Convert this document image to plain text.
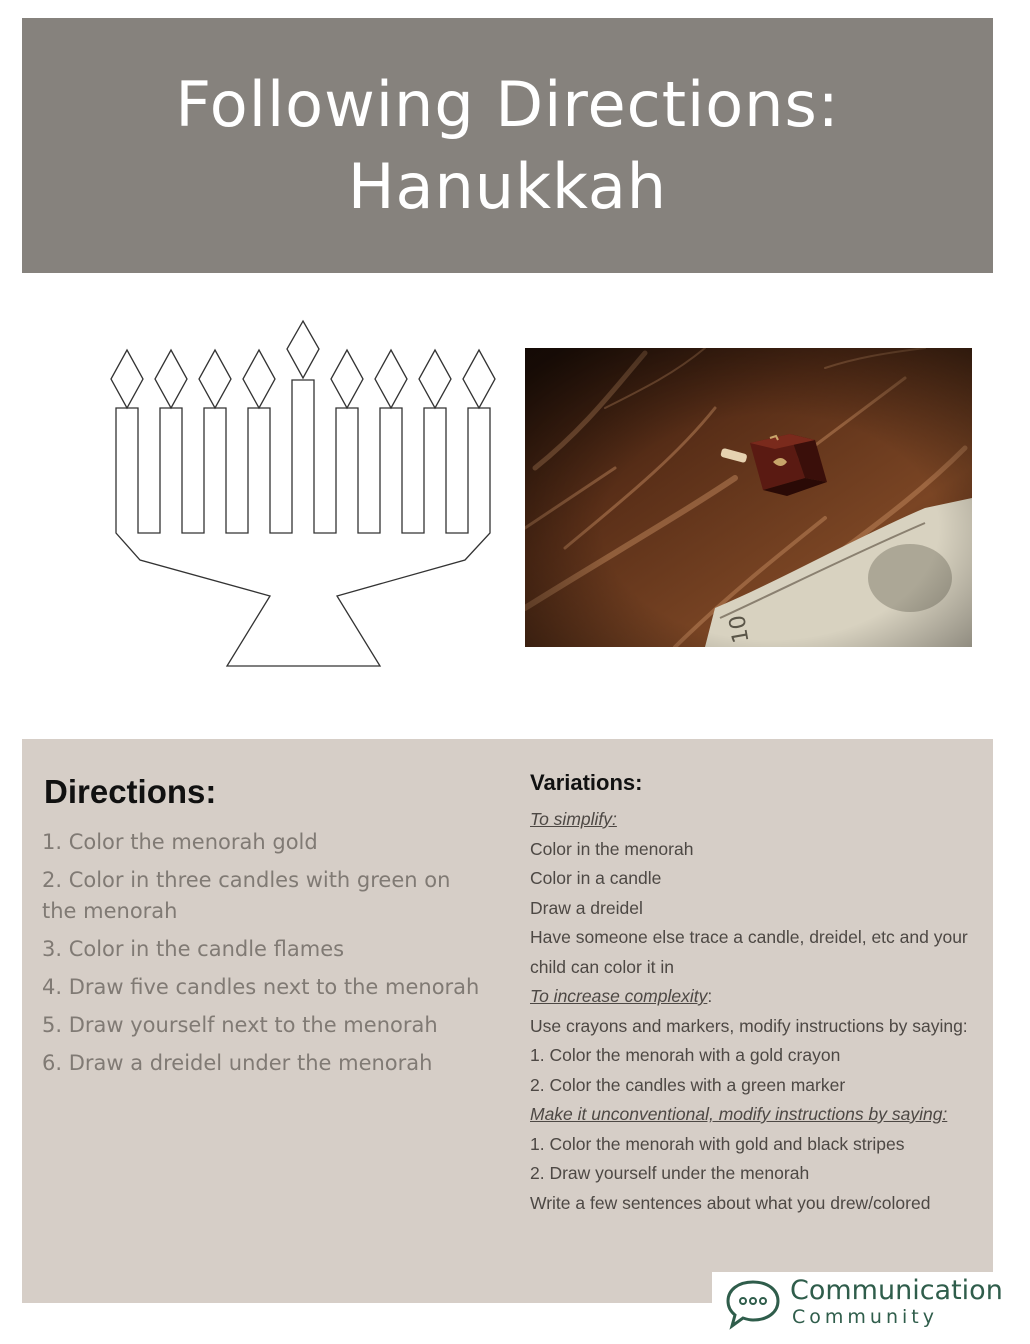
Following Directions:
Hanukkah
Directions:
1. Color the menorah gold
2. Color in three candles with green on the menorah
3. Color in the candle flames
4. Draw five candles next to the menorah
5. Draw yourself next to the menorah
6. Draw a dreidel under the menorah
Variations:
To simplify:
Color in the menorah
Color in a candle
Draw a dreidel
Have someone else trace a candle, dreidel, etc and your
child can color it in
To increase complexity:
Use crayons and markers, modify instructions by saying:
1. Color the menorah with a gold crayon
2. Color the candles with a green marker
Make it unconventional, modify instructions by saying:
1. Color the menorah with gold and black stripes
2. Draw yourself under the menorah
Write a few sentences about what you drew/colored
Communication
Community
